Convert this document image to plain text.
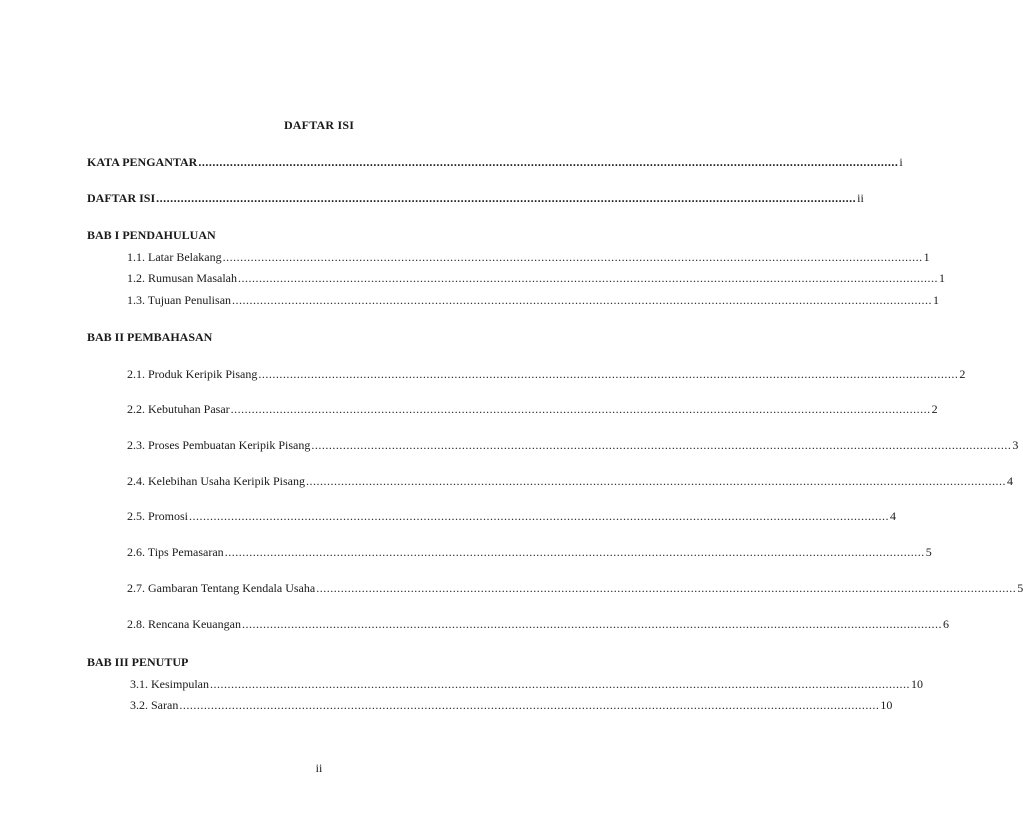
DAFTAR ISI
KATA PENGANTAR ........................................................................................................................................................................................................ i
DAFTAR ISI ........................................................................................................................................................................................................ ii
BAB I PENDAHULUAN
1.1. Latar Belakang ........................................................................................................................................................................................................ 1
1.2. Rumusan Masalah ........................................................................................................................................................................................................ 1
1.3. Tujuan Penulisan ........................................................................................................................................................................................................ 1
BAB II PEMBAHASAN
2.1. Produk Keripik Pisang ........................................................................................................................................................................................................ 2
2.2. Kebutuhan Pasar ........................................................................................................................................................................................................ 2
2.3. Proses Pembuatan Keripik Pisang ........................................................................................................................................................................................................ 3
2.4. Kelebihan Usaha Keripik Pisang ........................................................................................................................................................................................................ 4
2.5. Promosi ........................................................................................................................................................................................................ 4
2.6. Tips Pemasaran ........................................................................................................................................................................................................ 5
2.7. Gambaran Tentang Kendala Usaha ........................................................................................................................................................................................................ 5
2.8. Rencana Keuangan ........................................................................................................................................................................................................ 6
BAB III PENUTUP
3.1. Kesimpulan ........................................................................................................................................................................................................ 10
3.2. Saran ........................................................................................................................................................................................................ 10
ii
